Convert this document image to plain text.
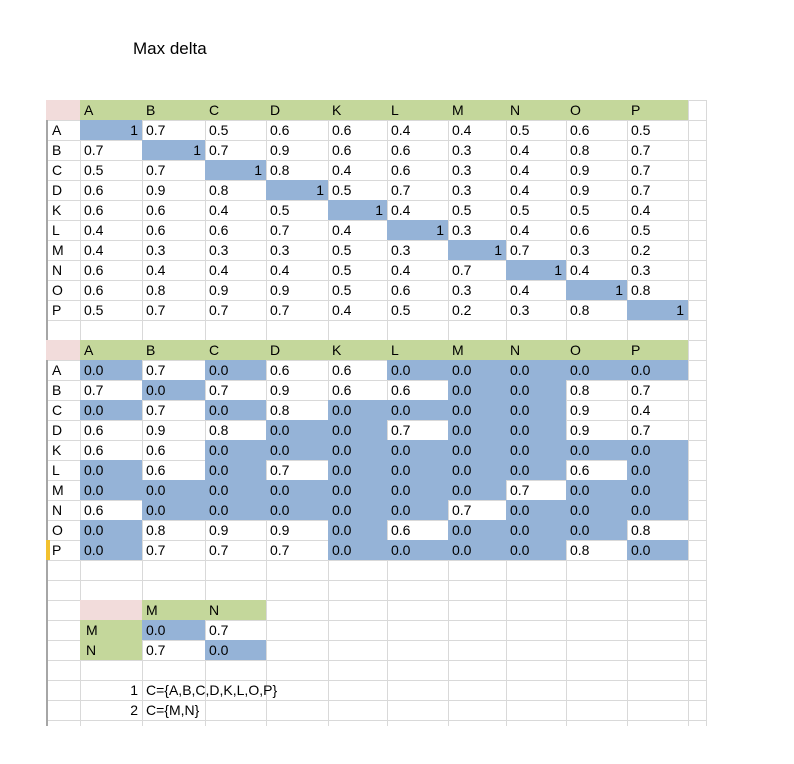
Max delta
A	B	C	D	K	L	M	N	O	P
A	1 0.7	0.5	0.6	0.6	0.4	0.4	0.5	0.6	0.5
B	0.7	1 0.7	0.9	0.6	0.6	0.3	0.4	0.8	0.7
C	0.5	0.7	1 0.8	0.4	0.6	0.3	0.4	0.9	0.7
D	0.6	0.9	0.8	1 0.5	0.7	0.3	0.4	0.9	0.7
K	0.6	0.6	0.4	0.5	1 0.4	0.5	0.5	0.5	0.4
L	0.4	0.6	0.6	0.7	0.4	1 0.3	0.4	0.6	0.5
M	0.4	0.3	0.3	0.3	0.5	0.3	1 0.7	0.3	0.2
N	0.6	0.4	0.4	0.4	0.5	0.4	0.7	1 0.4	0.3
O	0.6	0.8	0.9	0.9	0.5	0.6	0.3	0.4	1 0.8
P	0.5	0.7	0.7	0.7	0.4	0.5	0.2	0.3	0.8	1
A	B	C	D	K	L	M	N	O	P
A	0.0	0.7	0.0	0.6	0.6	0.0	0.0	0.0	0.0	0.0
B	0.7	0.0	0.7	0.9	0.6	0.6	0.0	0.0	0.8	0.7
C	0.0	0.7	0.0	0.8	0.0	0.0	0.0	0.0	0.9	0.4
D	0.6	0.9	0.8	0.0	0.0	0.7	0.0	0.0	0.9	0.7
K	0.6	0.6	0.0	0.0	0.0	0.0	0.0	0.0	0.0	0.0
L	0.0	0.6	0.0	0.7	0.0	0.0	0.0	0.0	0.6	0.0
M	0.0	0.0	0.0	0.0	0.0	0.0	0.0	0.7	0.0	0.0
N	0.6	0.0	0.0	0.0	0.0	0.0	0.7	0.0	0.0	0.0
O	0.0	0.8	0.9	0.9	0.0	0.6	0.0	0.0	0.0	0.8
P	0.0	0.7	0.7	0.7	0.0	0.0	0.0	0.0	0.8	0.0
M	N
M	0.0	0.7
N	0.7	0.0
1 C={A,B,C,D,K,L,O,P}
2 C={M,N}
